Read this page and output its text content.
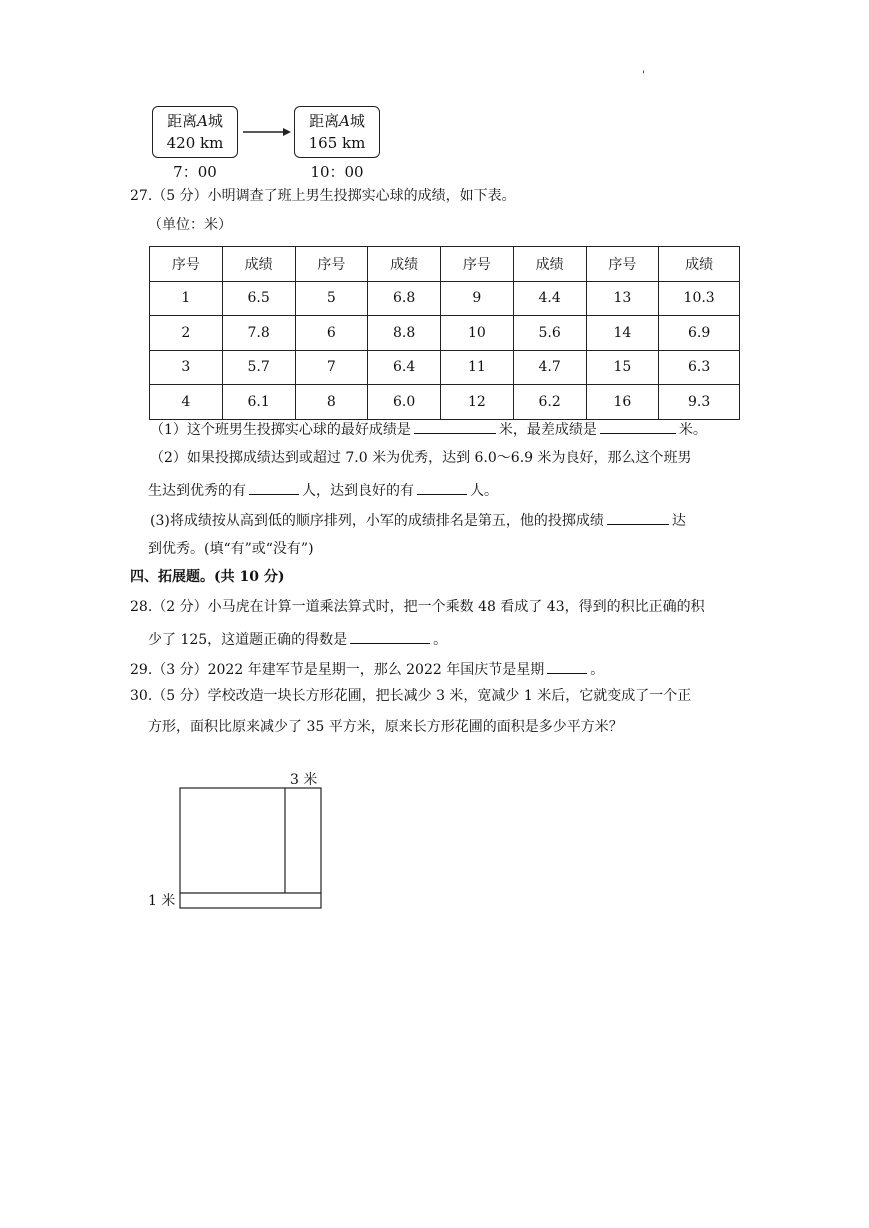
'
距离A城
420 km
距离A城
165 km
7：00	10：00
27.（5 分）小明调查了班上男生投掷实心球的成绩，如下表。
（单位：米）
序号	成绩	序号	成绩	序号	成绩	序号	成绩
1	6.5	5	6.8	9	4.4	13	10.3
2	7.8	6	8.8	10	5.6	14	6.9
3	5.7	7	6.4	11	4.7	15	6.3
4	6.1	8	6.0	12	6.2	16	9.3
（1）这个班男生投掷实心球的最好成绩是	米，最差成绩是	米。
（2）如果投掷成绩达到或超过 7.0 米为优秀，达到 6.0～6.9 米为良好，那么这个班男
生达到优秀的有	人，达到良好的有	人。
(3)将成绩按从高到低的顺序排列，小军的成绩排名是第五，他的投掷成绩	达
到优秀。(填“有”或“没有”)
四、拓展题。(共 10 分)
28.（2 分）小马虎在计算一道乘法算式时，把一个乘数 48 看成了 43，得到的积比正确的积
少了 125，这道题正确的得数是	。
29.（3 分）2022 年建军节是星期一，那么 2022 年国庆节是星期	。
30.（5 分）学校改造一块长方形花圃，把长减少 3 米，宽减少 1 米后，它就变成了一个正
方形，面积比原来减少了 35 平方米，原来长方形花圃的面积是多少平方米？
3 米
1 米
